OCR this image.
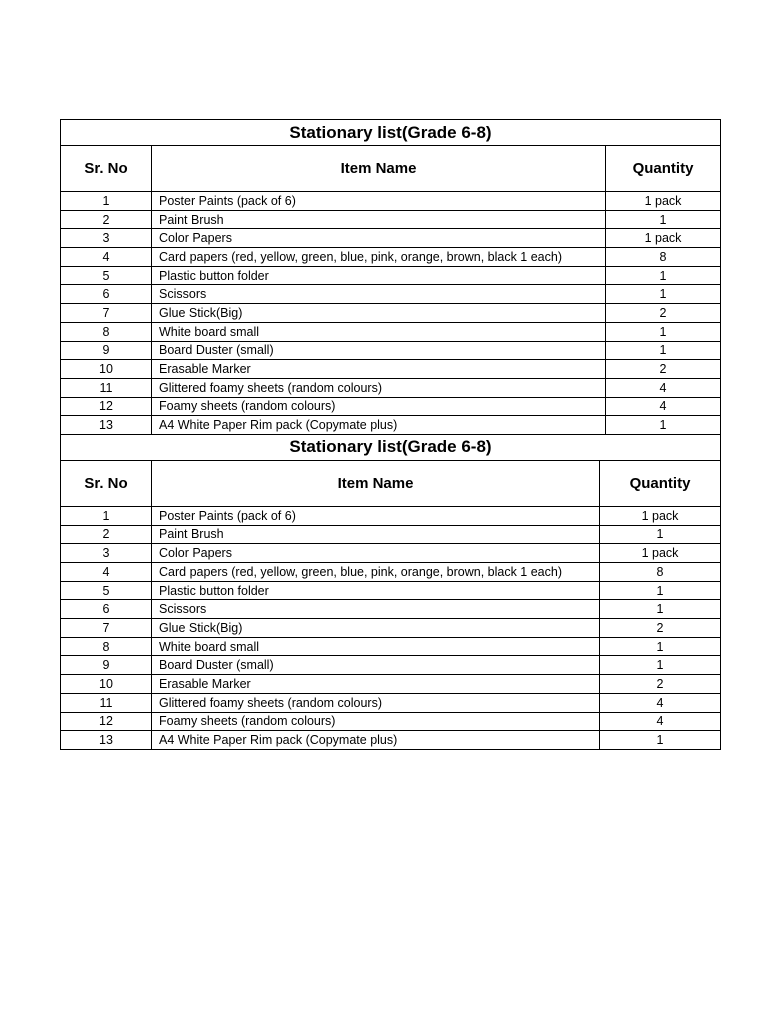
Stationary list(Grade 6-8)
Sr. No	Item Name	Quantity
1	Poster Paints (pack of 6)	1 pack
2	Paint Brush	1
3	Color Papers	1 pack
4	Card papers (red, yellow, green, blue, pink, orange, brown, black 1 each)	8
5	Plastic button folder	1
6	Scissors	1
7	Glue Stick(Big)	2
8	White board small	1
9	Board Duster (small)	1
10	Erasable Marker	2
11	Glittered foamy sheets (random colours)	4
12	Foamy sheets (random colours)	4
13	A4 White Paper Rim pack (Copymate plus)	1
Stationary list(Grade 6-8)
Sr. No	Item Name	Quantity
1	Poster Paints (pack of 6)	1 pack
2	Paint Brush	1
3	Color Papers	1 pack
4	Card papers (red, yellow, green, blue, pink, orange, brown, black 1 each)	8
5	Plastic button folder	1
6	Scissors	1
7	Glue Stick(Big)	2
8	White board small	1
9	Board Duster (small)	1
10	Erasable Marker	2
11	Glittered foamy sheets (random colours)	4
12	Foamy sheets (random colours)	4
13	A4 White Paper Rim pack (Copymate plus)	1
